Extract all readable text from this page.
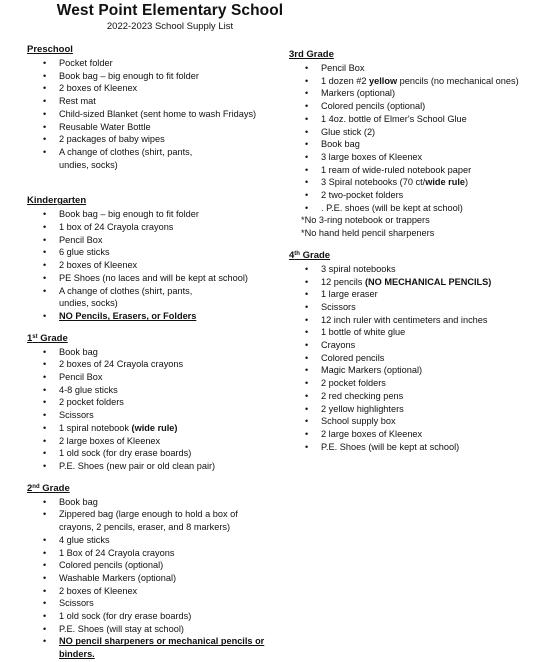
West Point Elementary School
2022-2023 School Supply List
Preschool
• Pocket folder
• Book bag – big enough to fit folder
• 2 boxes of Kleenex
• Rest mat
• Child-sized Blanket (sent home to wash Fridays)
• Reusable Water Bottle
• 2 packages of baby wipes
• A change of clothes (shirt, pants,
undies, socks)
Kindergarten
• Book bag – big enough to fit folder
• 1 box of 24 Crayola crayons
• Pencil Box
• 6 glue sticks
• 2 boxes of Kleenex
• PE Shoes (no laces and will be kept at school)
• A change of clothes (shirt, pants,
undies, socks)
• NO Pencils, Erasers, or Folders
1st Grade
• Book bag
• 2 boxes of 24 Crayola crayons
• Pencil Box
• 4-8 glue sticks
• 2 pocket folders
• Scissors
• 1 spiral notebook (wide rule)
• 2 large boxes of Kleenex
• 1 old sock (for dry erase boards)
• P.E. Shoes (new pair or old clean pair)
2nd Grade
• Book bag
• Zippered bag (large enough to hold a box of
crayons, 2 pencils, eraser, and 8 markers)
• 4 glue sticks
• 1 Box of 24 Crayola crayons
• Colored pencils (optional)
• Washable Markers (optional)
• 2 boxes of Kleenex
• Scissors
• 1 old sock (for dry erase boards)
• P.E. Shoes (will stay at school)
• NO pencil sharpeners or mechanical pencils or
binders.
3rd Grade
• Pencil Box
• 1 dozen #2 yellow pencils (no mechanical ones)
• Markers (optional)
• Colored pencils (optional)
• 1 4oz. bottle of Elmer's School Glue
• Glue stick (2)
• Book bag
• 3 large boxes of Kleenex
• 1 ream of wide-ruled notebook paper
• 3 Spiral notebooks (70 ct/wide rule)
• 2 two-pocket folders
• . P.E. shoes (will be kept at school)
*No 3-ring notebook or trappers
*No hand held pencil sharpeners
4th Grade
• 3 spiral notebooks
• 12 pencils (NO MECHANICAL PENCILS)
• 1 large eraser
• Scissors
• 12 inch ruler with centimeters and inches
• 1 bottle of white glue
• Crayons
• Colored pencils
• Magic Markers (optional)
• 2 pocket folders
• 2 red checking pens
• 2 yellow highlighters
• School supply box
• 2 large boxes of Kleenex
• P.E. Shoes (will be kept at school)
